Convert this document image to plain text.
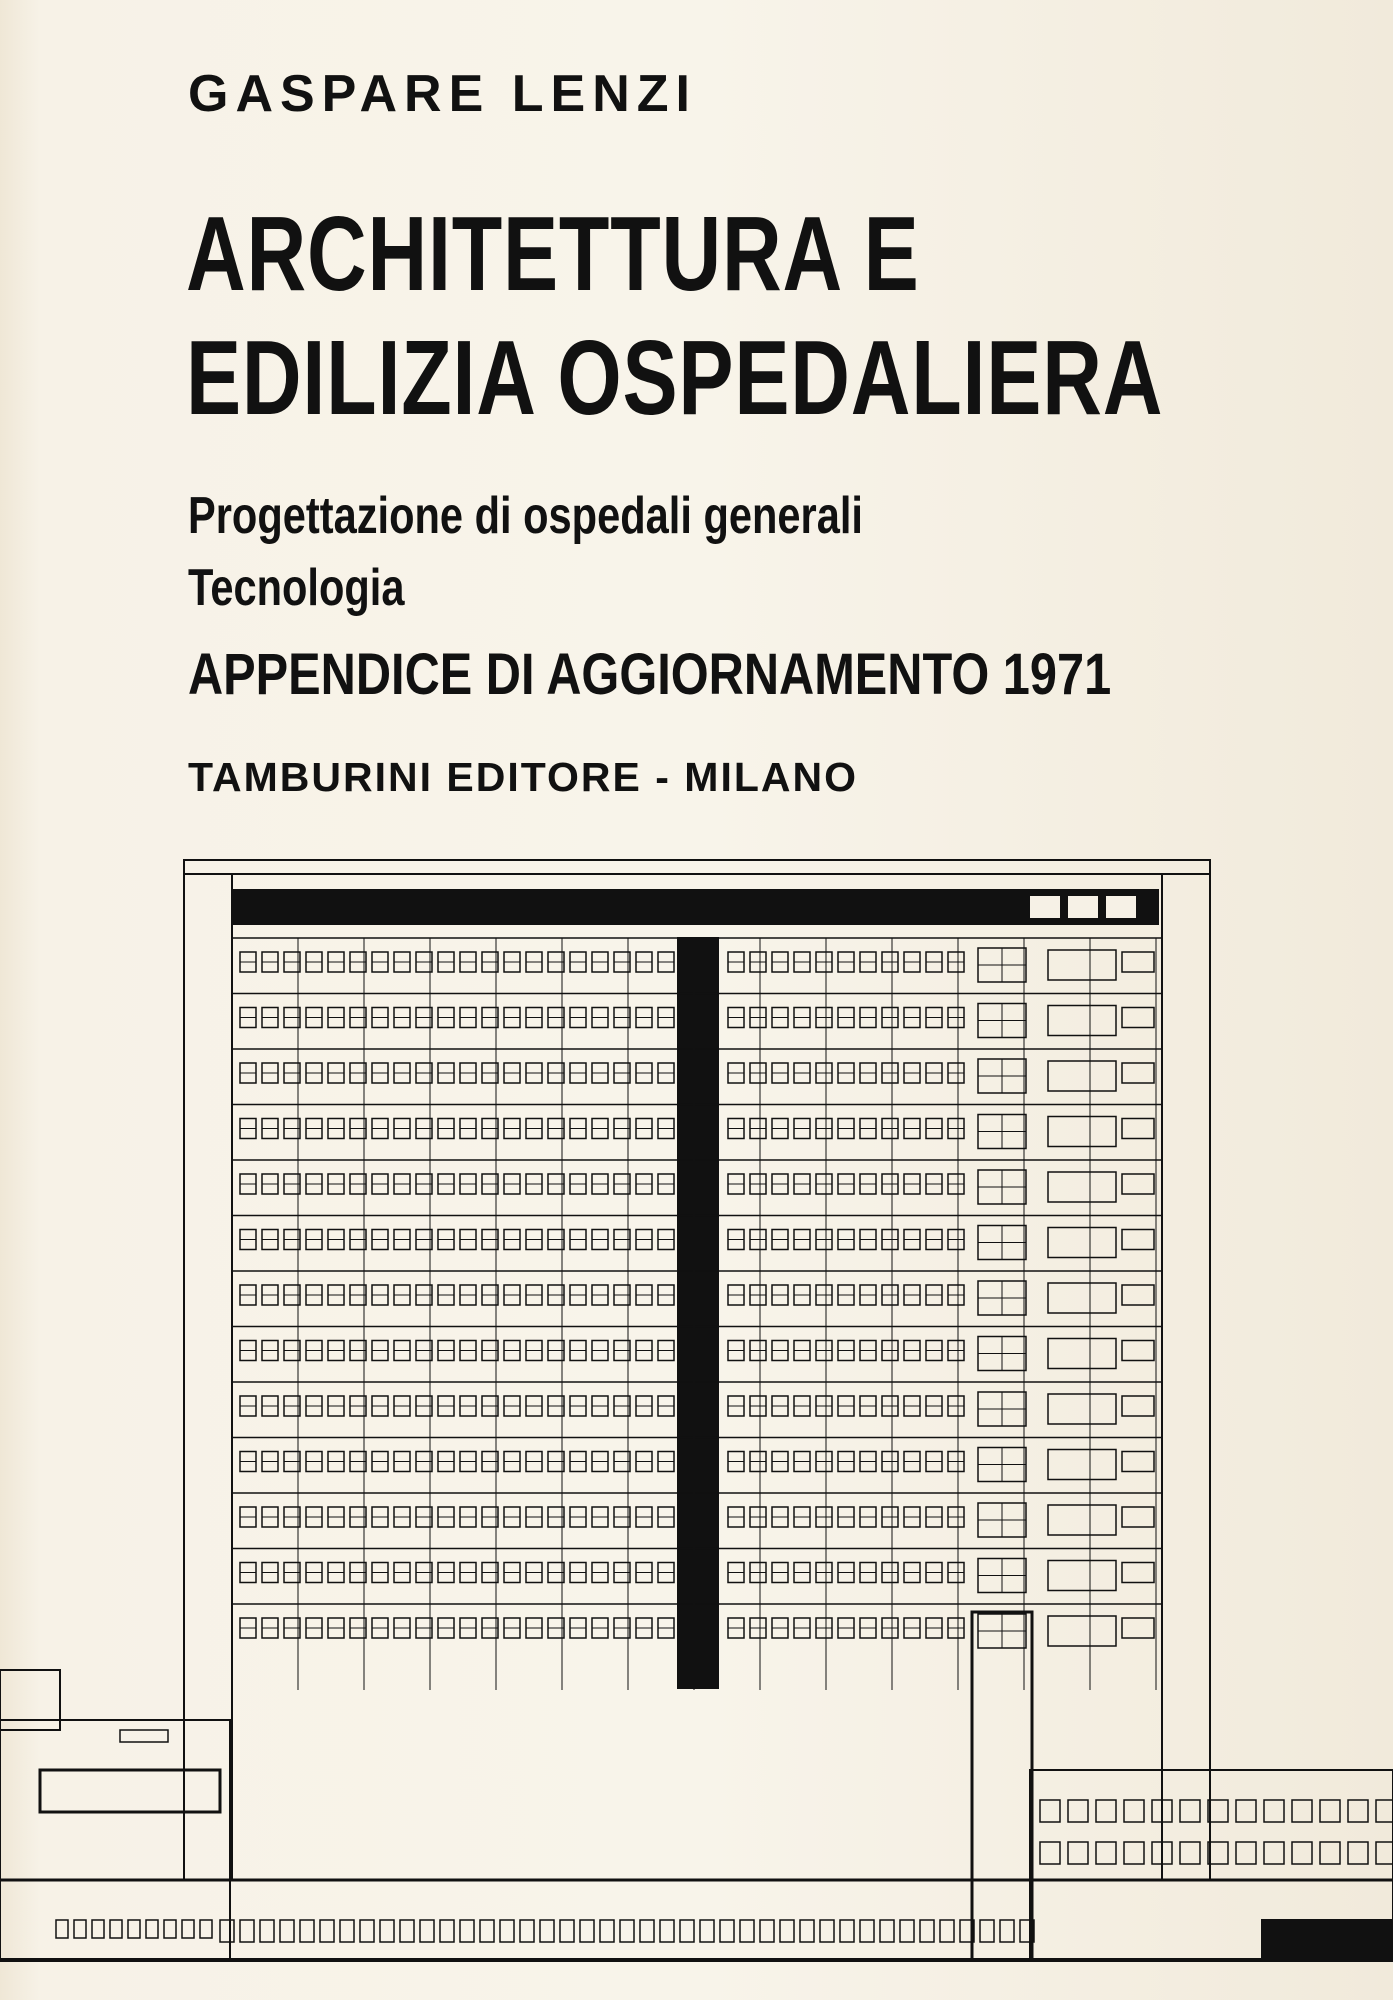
GASPARE LENZI
ARCHITETTURA E
EDILIZIA OSPEDALIERA
Progettazione di ospedali generali
Tecnologia
APPENDICE DI AGGIORNAMENTO 1971
TAMBURINI EDITORE - MILANO
